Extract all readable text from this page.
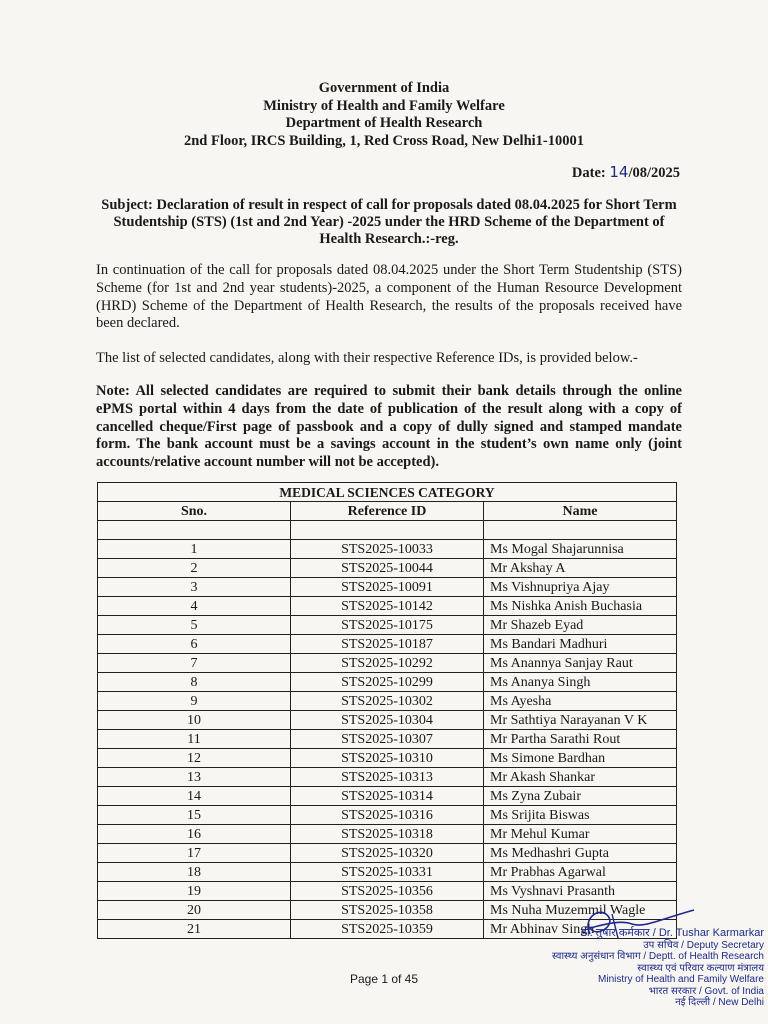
Government of India
Ministry of Health and Family Welfare
Department of Health Research
2nd Floor, IRCS Building, 1, Red Cross Road, New Delhi1-10001
Date: 14/08/2025
Subject: Declaration of result in respect of call for proposals dated 08.04.2025 for Short Term Studentship (STS) (1st and 2nd Year) -2025 under the HRD Scheme of the Department of Health Research.:-reg.
In continuation of the call for proposals dated 08.04.2025 under the Short Term Studentship (STS) Scheme (for 1st and 2nd year students)-2025, a component of the Human Resource Development (HRD) Scheme of the Department of Health Research, the results of the proposals received have been declared.
The list of selected candidates, along with their respective Reference IDs, is provided below.-
Note: All selected candidates are required to submit their bank details through the online ePMS portal within 4 days from the date of publication of the result along with a copy of cancelled cheque/First page of passbook and a copy of dully signed and stamped mandate form. The bank account must be a savings account in the student’s own name only (joint accounts/relative account number will not be accepted).
MEDICAL SCIENCES CATEGORY		
Sno.	Reference ID	Name

1	STS2025-10033	Ms Mogal Shajarunnisa
2	STS2025-10044	Mr Akshay A
3	STS2025-10091	Ms Vishnupriya Ajay
4	STS2025-10142	Ms Nishka Anish Buchasia
5	STS2025-10175	Mr Shazeb Eyad
6	STS2025-10187	Ms Bandari Madhuri
7	STS2025-10292	Ms Anannya Sanjay Raut
8	STS2025-10299	Ms Ananya Singh
9	STS2025-10302	Ms Ayesha
10	STS2025-10304	Mr Sathtiya Narayanan V K
11	STS2025-10307	Mr Partha Sarathi Rout
12	STS2025-10310	Ms Simone Bardhan
13	STS2025-10313	Mr Akash Shankar
14	STS2025-10314	Ms Zyna Zubair
15	STS2025-10316	Ms Srijita Biswas
16	STS2025-10318	Mr Mehul Kumar
17	STS2025-10320	Ms Medhashri Gupta
18	STS2025-10331	Mr Prabhas Agarwal
19	STS2025-10356	Ms Vyshnavi Prasanth
20	STS2025-10358	Ms Nuha Muzemmil Wagle
21	STS2025-10359	Mr Abhinav Singh
डॉ. तुषार कर्मकार / Dr. Tushar Karmarkar
उप सचिव / Deputy Secretary
स्वास्थ्य अनुसंधान विभाग / Deptt. of Health Research
स्वास्थ्य एवं परिवार कल्याण मंत्रालय
Ministry of Health and Family Welfare
भारत सरकार / Govt. of India
नई दिल्ली / New Delhi
Page 1 of 45
